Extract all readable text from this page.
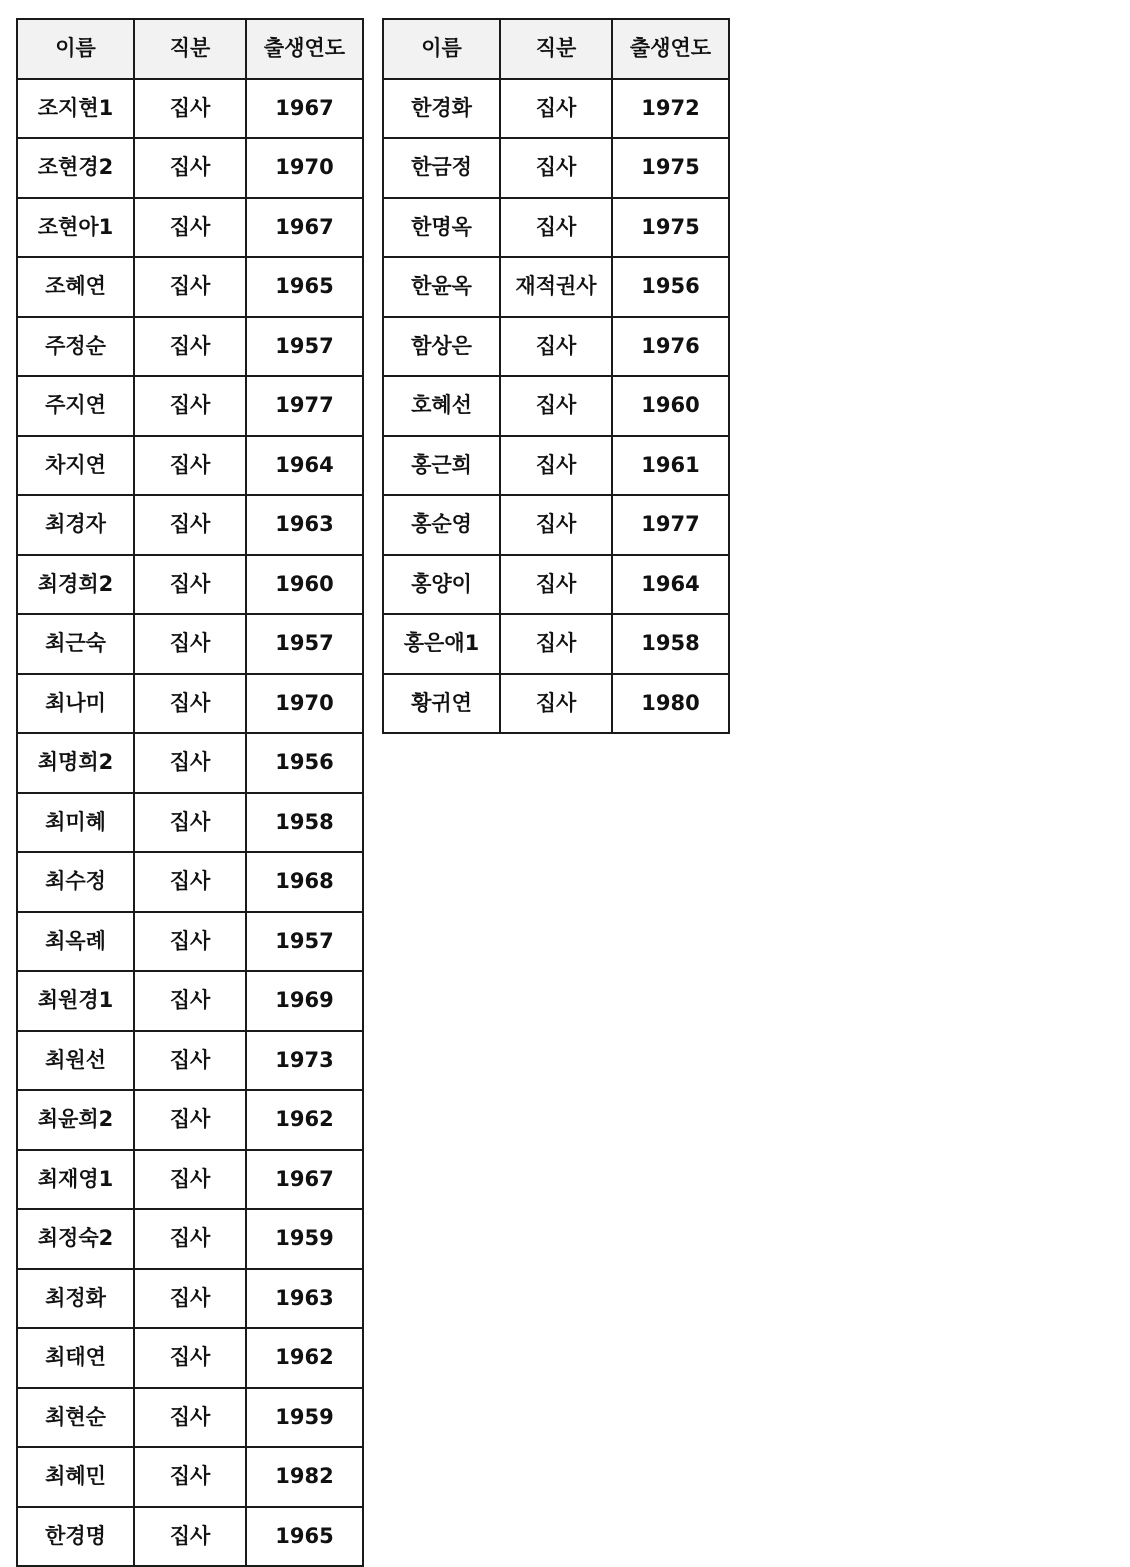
이름	직분	출생연도
조지현1	집사	1967
조현경2	집사	1970
조현아1	집사	1967
조혜연	집사	1965
주정순	집사	1957
주지연	집사	1977
차지연	집사	1964
최경자	집사	1963
최경희2	집사	1960
최근숙	집사	1957
최나미	집사	1970
최명희2	집사	1956
최미혜	집사	1958
최수정	집사	1968
최옥례	집사	1957
최원경1	집사	1969
최원선	집사	1973
최윤희2	집사	1962
최재영1	집사	1967
최정숙2	집사	1959
최정화	집사	1963
최태연	집사	1962
최현순	집사	1959
최혜민	집사	1982
한경명	집사	1965
이름	직분	출생연도
한경화	집사	1972
한금정	집사	1975
한명옥	집사	1975
한윤옥	재적권사	1956
함상은	집사	1976
호혜선	집사	1960
홍근희	집사	1961
홍순영	집사	1977
홍양이	집사	1964
홍은애1	집사	1958
황귀연	집사	1980
